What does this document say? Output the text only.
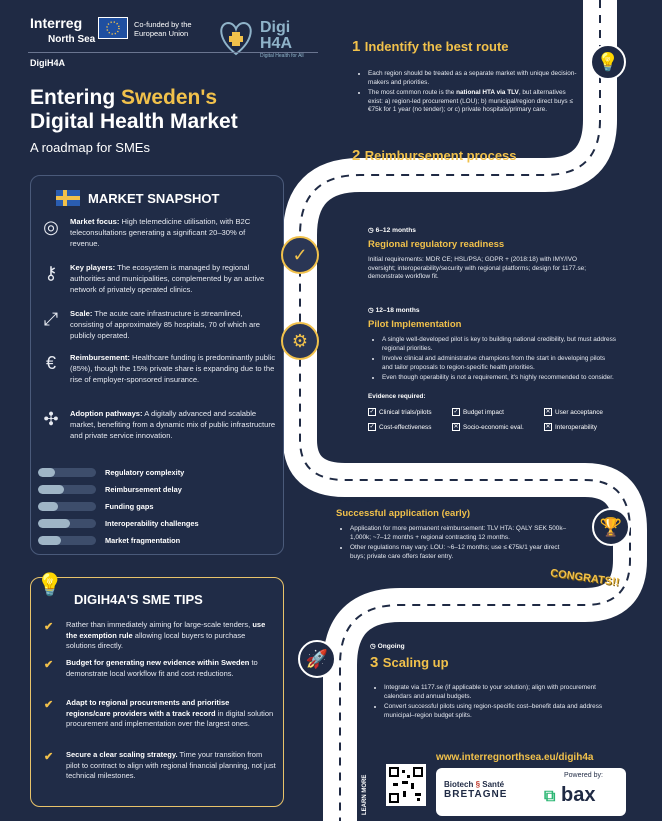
Interreg
North Sea
Co-funded by the European Union	Digi
H4A
Digital Health for All
DigiH4A
Entering Sweden's
Digital Health Market
A roadmap for SMEs
MARKET SNAPSHOT
◎	Market focus: High telemedicine utilisation, with B2C teleconsultations generating a significant 20–30% of revenue.
⚷	Key players: The ecosystem is managed by regional authorities and municipalities, complemented by an active network of privately operated clinics.
⤢	Scale: The acute care infrastructure is streamlined, consisting of approximately 85 hospitals, 70 of which are publicly operated.
€	Reimbursement: Healthcare funding is predominantly public (85%), though the 15% private share is expanding due to the rise of employer-sponsored insurance.
✣	Adoption pathways: A digitally advanced and scalable market, benefiting from a dynamic mix of public infrastructure and private service innovation.
Regulatory complexity
Reimbursement delay
Funding gaps
Interoperability challenges
Market fragmentation
💡
DIGIH4A'S SME TIPS
✔ Rather than immediately aiming for large-scale tenders, use the exemption rule allowing local buyers to purchase solutions directly.
✔ Budget for generating new evidence within Sweden to demonstrate local workflow fit and cost reductions.
✔ Adapt to regional procurements and prioritise regions/care providers with a track record in digital solution procurement and implementation over the largest ones.
✔ Secure a clear scaling strategy. Time your transition from pilot to contract to align with regional financial planning, not just technical milestones.
1 Indentify the best route
• Each region should be treated as a separate market with unique decision-makers and priorities.
• The most common route is the national HTA via TLV, but alternatives exist: a) region-led procurement (LOU); b) municipal/region direct buys ≤ €75k for 1 year (no tender); or c) private hospitals/primary care.
💡
2 Reimbursement process
✓
◷ 6–12 months
Regional regulatory readiness
Initial requirements: MDR CE; HSL/PSA; GDPR + (2018:18) with IMY/IVO oversight; interoperability/security with regional platforms; design for 1177.se; demonstrate workflow fit.
⚙
◷ 12–18 months
Pilot Implementation
• A single well-developed pilot is key to building national credibility, but must address regional priorities.
• Involve clinical and administrative champions from the start in developing pilots and tailor proposals to region-specific health priorities.
• Even though operability is not a requirement, it's highly recommended to consider.
Evidence required:
✓ Clinical trials/pilots	✓ Budget impact	✕ User acceptance
✓ Cost-effectiveness	✕ Socio-economic eval.	✕ Interoperability
◷ 6–12 months
Successful application (early)
• Application for more permanent reimbursement: TLV HTA: QALY SEK 500k–1,000k; ~7–12 months + regional contracting 12 months.
• Other regulations may vary: LOU: ~6–12 months; use ≤ €75k/1 year direct buys; private care offers faster entry.
🏆
CONGRATS!!
🚀
◷ Ongoing
3 Scaling up
• Integrate via 1177.se (if applicable to your solution); align with procurement calendars and annual budgets.
• Convert successful pilots using region-specific cost–benefit data and address municipal–region budget splits.
www.interregnorthsea.eu/digih4a
LEARN MORE	Biotech § Santé
BRETAGNE
Powered by:
⧉ bax
